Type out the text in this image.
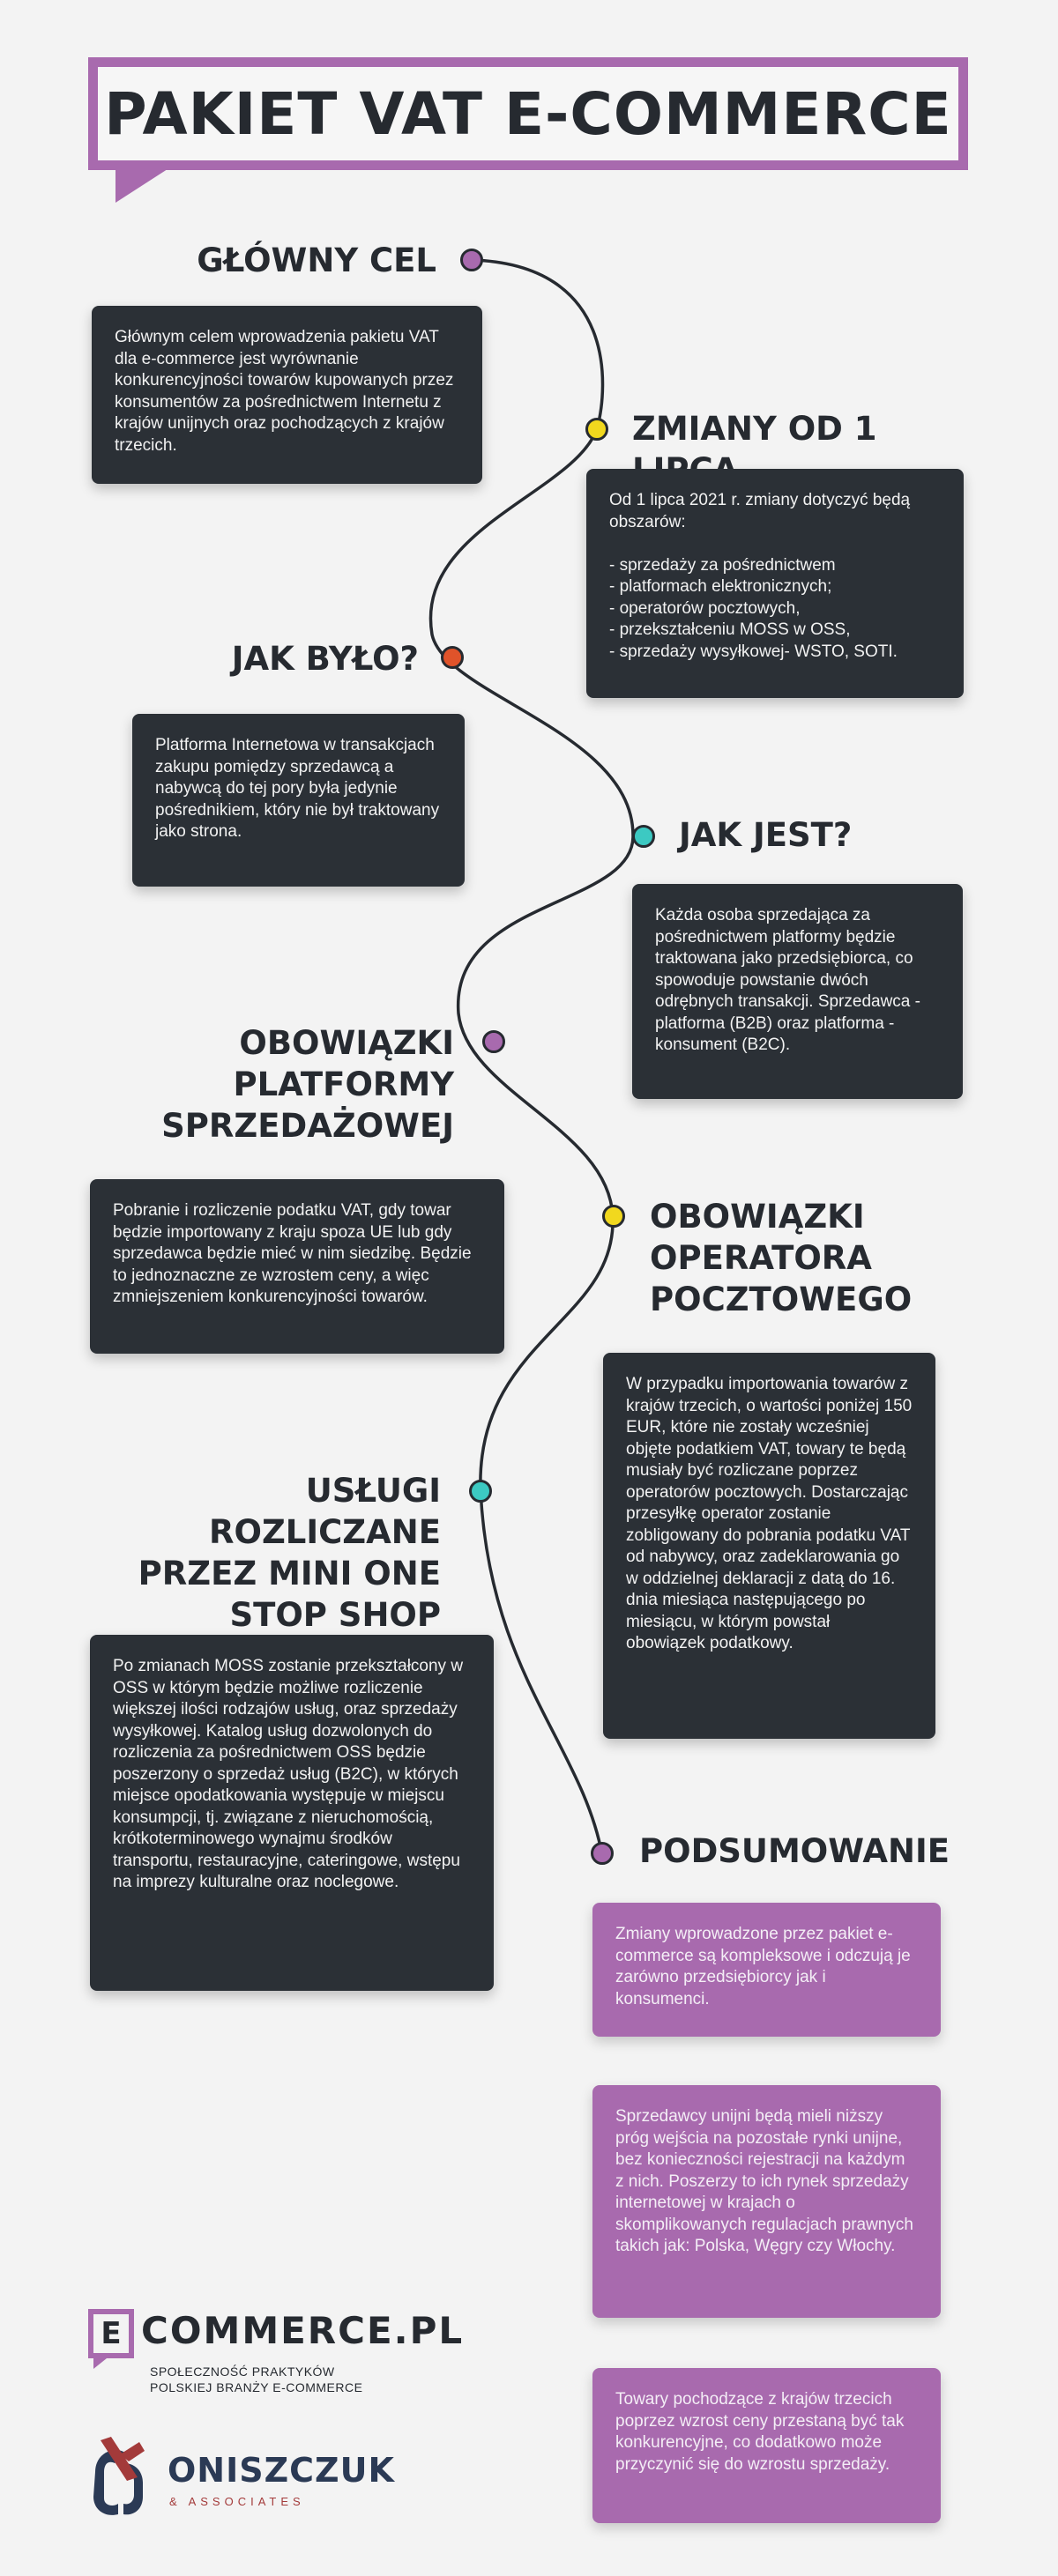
PAKIET VAT E-COMMERCE
GŁÓWNY CEL
Głównym celem wprowadzenia pakietu VAT dla e-commerce jest wyrównanie konkurencyjności towarów kupowanych przez konsumentów za pośrednictwem Internetu z krajów unijnych oraz pochodzących z krajów trzecich.	ZMIANY OD 1
Od 1 lipca 2021 r. zmiany dotyczyć będą obszarów:

- sprzedaży za pośrednictwem
- platformach elektronicznych;
- operatorów pocztowych,
- przekształceniu MOSS w OSS,
- sprzedaży wysyłkowej- WSTO, SOTI.
JAK BYŁO?
Platforma Internetowa w transakcjach zakupu pomiędzy sprzedawcą a nabywcą do tej pory była jedynie pośrednikiem, który nie był traktowany jako strona.	JAK JEST?
Każda osoba sprzedająca za pośrednictwem platformy będzie traktowana jako przedsiębiorca, co spowoduje powstanie dwóch odrębnych transakcji. Sprzedawca - platforma (B2B) oraz platforma - konsument (B2C).
OBOWIĄZKI
PLATFORMY
SPRZEDAŻOWEJ
Pobranie i rozliczenie podatku VAT, gdy towar będzie importowany z kraju spoza UE lub gdy sprzedawca będzie mieć w nim siedzibę. Będzie to jednoznaczne ze wzrostem ceny, a więc zmniejszeniem konkurencyjności towarów.
OBOWIĄZKI
OPERATORA
POCZTOWEGO
W przypadku importowania towarów z krajów trzecich, o wartości poniżej 150 EUR, które nie zostały wcześniej objęte podatkiem VAT, towary te będą musiały być rozliczane poprzez operatorów pocztowych. Dostarczając przesyłkę operator zostanie zobligowany do pobrania podatku VAT od nabywcy, oraz zadeklarowania go w oddzielnej deklaracji z datą do 16. dnia miesiąca następującego po miesiącu, w którym powstał obowiązek podatkowy.
USŁUGI ROZLICZANE
PRZEZ MINI ONE
STOP SHOP
Po zmianach MOSS zostanie przekształcony w OSS w którym będzie możliwe rozliczenie większej ilości rodzajów usług, oraz sprzedaży wysyłkowej. Katalog usług dozwolonych do rozliczenia za pośrednictwem OSS będzie poszerzony o sprzedaż usług (B2C), w których miejsce opodatkowania występuje w miejscu konsumpcji, tj. związane z nieruchomością, krótkoterminowego wynajmu środków transportu, restauracyjne, cateringowe, wstępu na imprezy kulturalne oraz noclegowe.
PODSUMOWANIE
Zmiany wprowadzone przez pakiet e-commerce są kompleksowe i odczują je zarówno przedsiębiorcy jak i konsumenci.
Sprzedawcy unijni będą mieli niższy próg wejścia na pozostałe rynki unijne, bez konieczności rejestracji na każdym z nich. Poszerzy to ich rynek sprzedaży internetowej w krajach o skomplikowanych regulacjach prawnych takich jak: Polska, Węgry czy Włochy.
Towary pochodzące z krajów trzecich poprzez wzrost ceny przestaną być tak konkurencyjne, co dodatkowo może przyczynić się do wzrostu sprzedaży.
E COMMERCE.PL
SPOŁECZNOŚĆ PRAKTYKÓW
POLSKIEJ BRANŻY E-COMMERCE
ONISZCZUK
& ASSOCIATES
